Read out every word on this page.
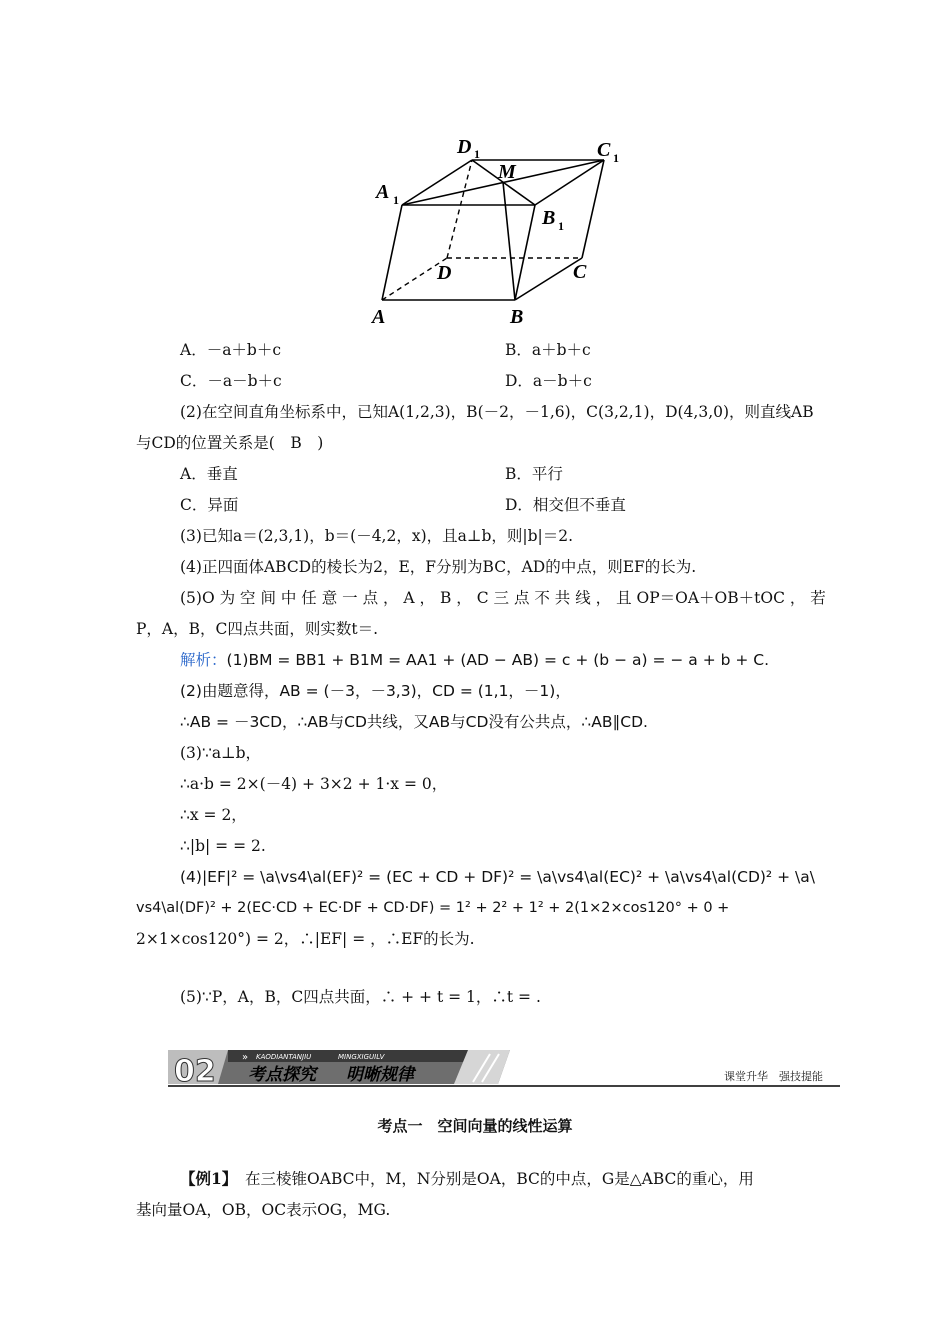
D 1	C 1
M
A 1
B 1
D	C
A	B
A．－a＋b＋c	B．a＋b＋c
C．－a－b＋c	D．a－b＋c
(2)在空间直角坐标系中，已知A(1,2,3)，B(－2，－1,6)，C(3,2,1)，D(4,3,0)，则直线AB
与CD的位置关系是(　B　)
A．垂直	B．平行
C．异面	D．相交但不垂直
(3)已知a＝(2,3,1)，b＝(－4,2，x)，且a⊥b，则|b|＝2.
(4)正四面体ABCD的棱长为2，E，F分别为BC，AD的中点，则EF的长为.
(5)O 为 空 间 中 任 意 一 点 ， A ， B ， C 三 点 不 共 线 ， 且 OP＝OA＋OB＋tOC ， 若
P，A，B，C四点共面，则实数t＝.
解析：(1)BM = BB1 + B1M = AA1 + (AD − AB) = c + (b − a) = − a + b + C.
(2)由题意得，AB = (－3，－3,3)，CD = (1,1，－1)，
∴AB = －3CD，∴AB与CD共线，又AB与CD没有公共点，∴AB∥CD.
(3)∵a⊥b，
∴a·b = 2×(－4) + 3×2 + 1·x = 0，
∴x = 2，
∴|b| = = 2.
(4)|EF|² = \a\vs4\al(EF)² = (EC + CD + DF)² = \a\vs4\al(EC)² + \a\vs4\al(CD)² + \a\
vs4\al(DF)² + 2(EC·CD + EC·DF + CD·DF) = 1² + 2² + 1² + 2(1×2×cos120° + 0 +
2×1×cos120°) = 2，∴|EF| = ，∴EF的长为.
(5)∵P，A，B，C四点共面，∴ + + t = 1，∴t = .
02	» KAODIANTANJIU	MINGXIGUILV
考点探究 明晰规律	课堂升华　强技提能
考点一　空间向量的线性运算
【例1】　在三棱锥OABC中，M，N分别是OA，BC的中点，G是△ABC的重心，用
基向量OA，OB，OC表示OG，MG.
